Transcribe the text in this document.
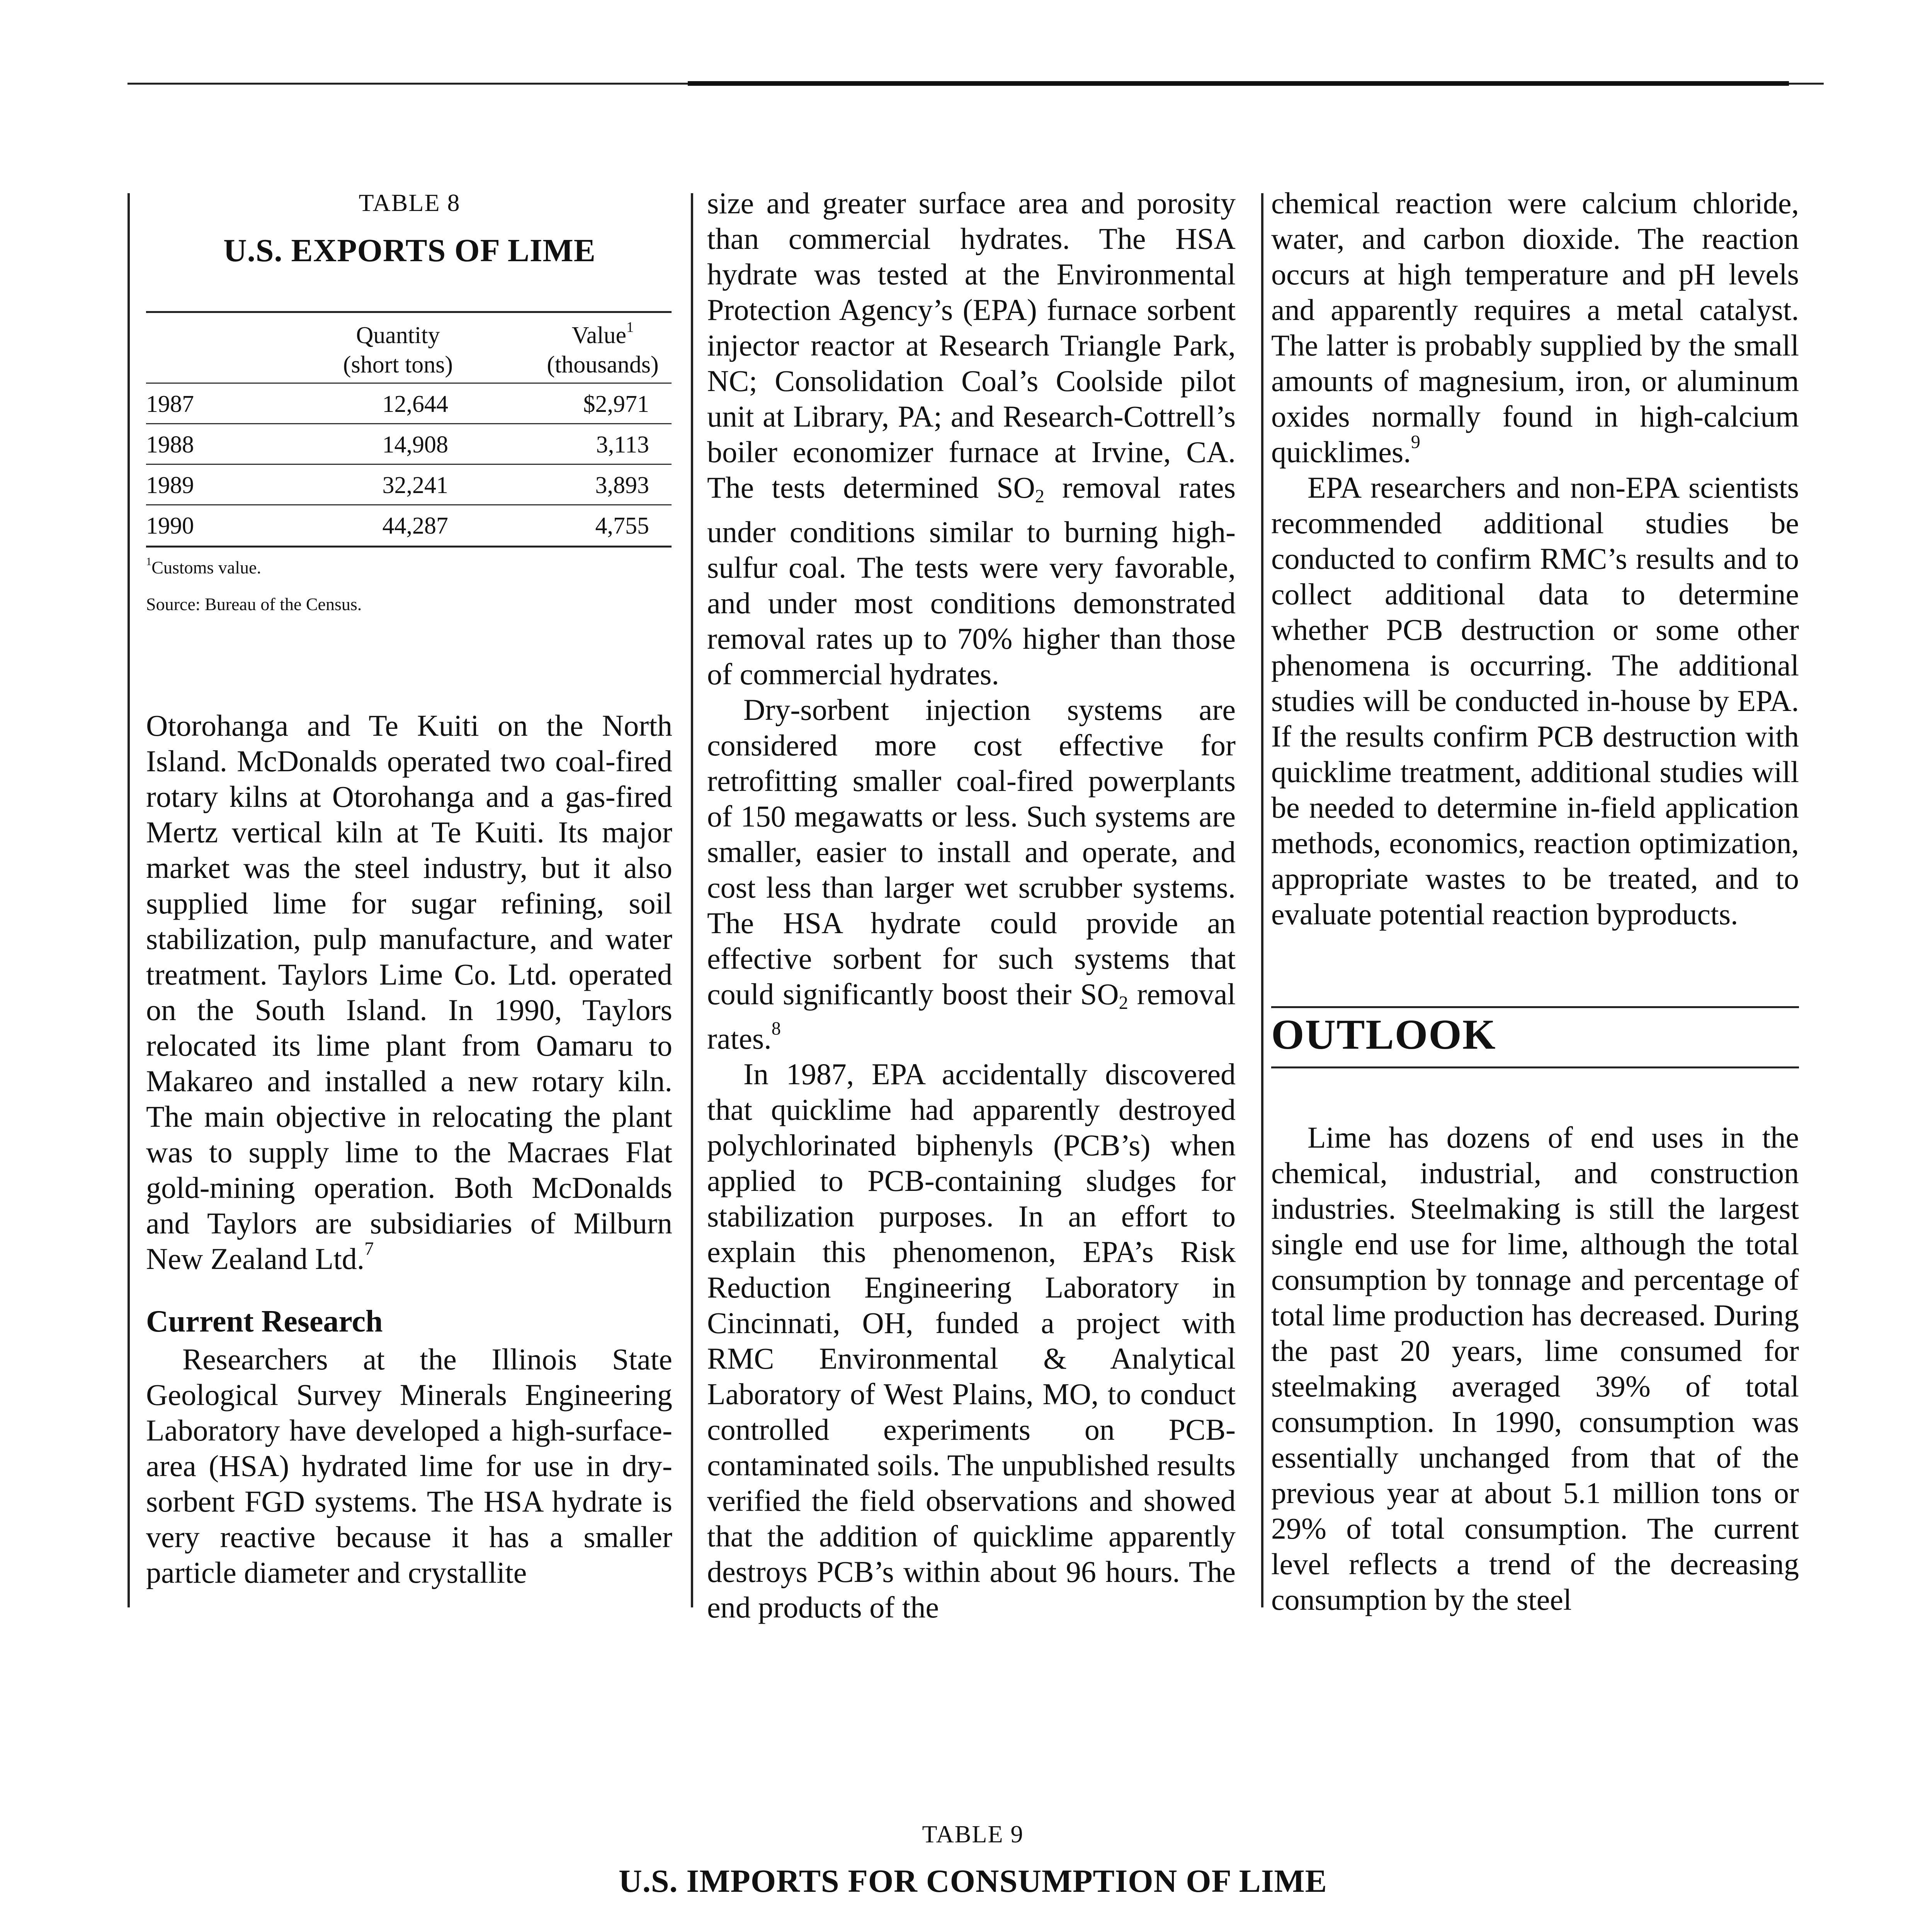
TABLE 8
U.S. EXPORTS OF LIME
Quantity
(short tons)
Value$^1$
(thousands)
1987	12,644	$2,971
1988	14,908	3,113
1989	32,241	3,893
1990	44,287	4,755
$^1$Customs value.
Source: Bureau of the Census.

Otorohanga and Te Kuiti on the North Island. McDonalds operated two coal-fired rotary kilns at Otorohanga and a gas-fired Mertz vertical kiln at Te Kuiti. Its major market was the steel industry, but it also supplied lime for sugar refining, soil stabilization, pulp manufacture, and water treatment. Taylors Lime Co. Ltd. operated on the South Island. In 1990, Taylors relocated its lime plant from Oamaru to Makareo and installed a new rotary kiln. The main objective in relocating the plant was to supply lime to the Macraes Flat gold-mining operation. Both McDonalds and Taylors are subsidiaries of Milburn New Zealand Ltd.$^7$

Current Research

Researchers at the Illinois State Geological Survey Minerals Engineering Laboratory have developed a high-surface-area (HSA) hydrated lime for use in dry-sorbent FGD systems. The HSA hydrate is very reactive because it has a smaller particle diameter and crystallite

size and greater surface area and porosity than commercial hydrates. The HSA hydrate was tested at the Environmental Protection Agency’s (EPA) furnace sorbent injector reactor at Research Triangle Park, NC; Consolidation Coal’s Coolside pilot unit at Library, PA; and Research-Cottrell’s boiler economizer furnace at Irvine, CA. The tests determined $SO_2$ removal rates under conditions similar to burning high-sulfur coal. The tests were very favorable, and under most conditions demonstrated removal rates up to 70% higher than those of commercial hydrates.

Dry-sorbent injection systems are considered more cost effective for retrofitting smaller coal-fired powerplants of 150 megawatts or less. Such systems are smaller, easier to install and operate, and cost less than larger wet scrubber systems. The HSA hydrate could provide an effective sorbent for such systems that could significantly boost their $SO_2$ removal rates.$^8$

In 1987, EPA accidentally discovered that quicklime had apparently destroyed polychlorinated biphenyls (PCB’s) when applied to PCB-containing sludges for stabilization purposes. In an effort to explain this phenomenon, EPA’s Risk Reduction Engineering Laboratory in Cincinnati, OH, funded a project with RMC Environmental & Analytical Laboratory of West Plains, MO, to conduct controlled experiments on PCB-contaminated soils. The unpublished results verified the field observations and showed that the addition of quicklime apparently destroys PCB’s within about 96 hours. The end products of the

chemical reaction were calcium chloride, water, and carbon dioxide. The reaction occurs at high temperature and pH levels and apparently requires a metal catalyst. The latter is probably supplied by the small amounts of magnesium, iron, or aluminum oxides normally found in high-calcium quicklimes.$^9$

EPA researchers and non-EPA scientists recommended additional studies be conducted to confirm RMC’s results and to collect additional data to determine whether PCB destruction or some other phenomena is occurring. The additional studies will be conducted in-house by EPA. If the results confirm PCB destruction with quicklime treatment, additional studies will be needed to determine in-field application methods, economics, reaction optimization, appropriate wastes to be treated, and to evaluate potential reaction byproducts.

OUTLOOK

Lime has dozens of end uses in the chemical, industrial, and construction industries. Steelmaking is still the largest single end use for lime, although the total consumption by tonnage and percentage of total lime production has decreased. During the past 20 years, lime consumed for steelmaking averaged 39% of total consumption. In 1990, consumption was essentially unchanged from that of the previous year at about 5.1 million tons or 29% of total consumption. The current level reflects a trend of the decreasing consumption by the steel

TABLE 9
U.S. IMPORTS FOR CONSUMPTION OF LIME
